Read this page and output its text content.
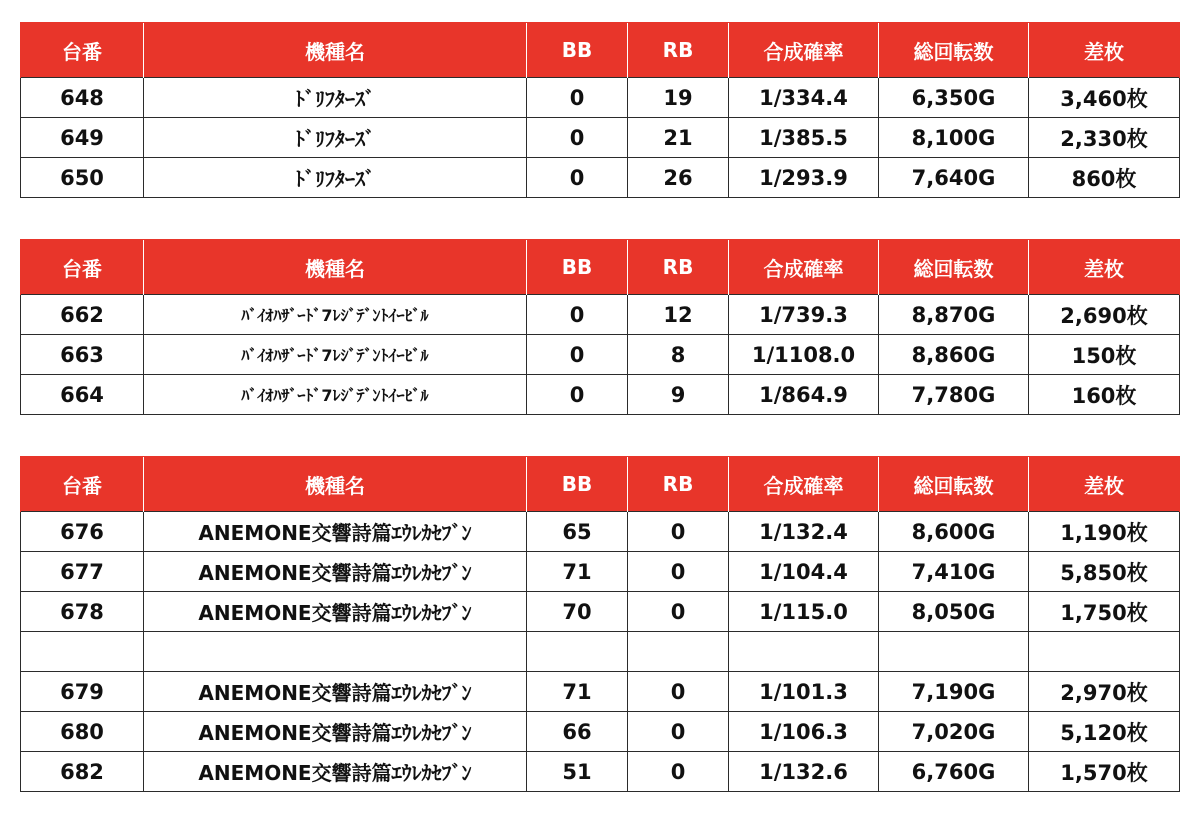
台番	機種名	BB	RB	合成確率	総回転数	差枚
648	ﾄﾞﾘﾌﾀｰｽﾞ	0	19	1/334.4	6,350G	3,460枚
649	ﾄﾞﾘﾌﾀｰｽﾞ	0	21	1/385.5	8,100G	2,330枚
650	ﾄﾞﾘﾌﾀｰｽﾞ	0	26	1/293.9	7,640G	860枚
台番	機種名	BB	RB	合成確率	総回転数	差枚
662	ﾊﾞｲｵﾊｻﾞｰﾄﾞ7ﾚｼﾞﾃﾞﾝﾄｲｰﾋﾞﾙ	0	12	1/739.3	8,870G	2,690枚
663	ﾊﾞｲｵﾊｻﾞｰﾄﾞ7ﾚｼﾞﾃﾞﾝﾄｲｰﾋﾞﾙ	0	8	1/1108.0	8,860G	150枚
664	ﾊﾞｲｵﾊｻﾞｰﾄﾞ7ﾚｼﾞﾃﾞﾝﾄｲｰﾋﾞﾙ	0	9	1/864.9	7,780G	160枚
台番	機種名	BB	RB	合成確率	総回転数	差枚
676	ANEMONE交響詩篇ｴｳﾚｶｾﾌﾞﾝ	65	0	1/132.4	8,600G	1,190枚
677	ANEMONE交響詩篇ｴｳﾚｶｾﾌﾞﾝ	71	0	1/104.4	7,410G	5,850枚
678	ANEMONE交響詩篇ｴｳﾚｶｾﾌﾞﾝ	70	0	1/115.0	8,050G	1,750枚

679	ANEMONE交響詩篇ｴｳﾚｶｾﾌﾞﾝ	71	0	1/101.3	7,190G	2,970枚
680	ANEMONE交響詩篇ｴｳﾚｶｾﾌﾞﾝ	66	0	1/106.3	7,020G	5,120枚
682	ANEMONE交響詩篇ｴｳﾚｶｾﾌﾞﾝ	51	0	1/132.6	6,760G	1,570枚
